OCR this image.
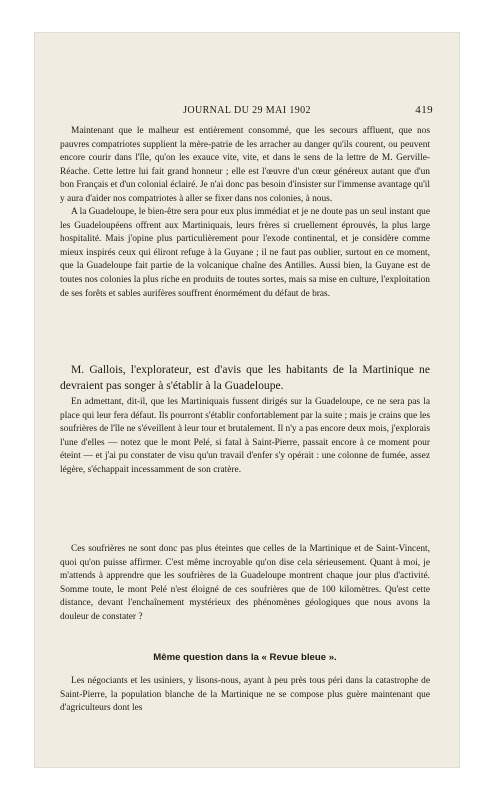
JOURNAL DU 29 MAI 1902	419

Maintenant que le malheur est entièrement consommé, que les secours affluent, que nos pauvres compatriotes supplient la mère-patrie de les arracher au danger qu'ils courent, ou peuvent encore courir dans l'île, qu'on les exauce vite, vite, et dans le sens de la lettre de M. Gerville-Réache. Cette lettre lui fait grand honneur ; elle est l'œuvre d'un cœur généreux autant que d'un bon Français et d'un colonial éclairé. Je n'ai donc pas besoin d'insister sur l'immense avantage qu'il y aura d'aider nos compatriotes à aller se fixer dans nos colonies, à nous.

A la Guadeloupe, le bien-être sera pour eux plus immédiat et je ne doute pas un seul instant que les Guadeloupéens offrent aux Martiniquais, leurs frères si cruellement éprouvés, la plus large hospitalité. Mais j'opine plus particulièrement pour l'exode continental, et je considère comme mieux inspirés ceux qui éliront refuge à la Guyane ; il ne faut pas oublier, surtout en ce moment, que la Guadeloupe fait partie de la volcanique chaîne des Antilles. Aussi bien, la Guyane est de toutes nos colonies la plus riche en produits de toutes sortes, mais sa mise en culture, l'exploitation de ses forêts et sables aurifères souffrent énormément du défaut de bras.

M. Gallois, l'explorateur, est d'avis que les habitants de la Martinique ne devraient pas songer à s'établir à la Guadeloupe.

En admettant, dit-il, que les Martiniquais fussent dirigés sur la Guadeloupe, ce ne sera pas la place qui leur fera défaut. Ils pourront s'établir confortablement par la suite ; mais je crains que les soufrières de l'île ne s'éveillent à leur tour et brutalement. Il n'y a pas encore deux mois, j'explorais l'une d'elles — notez que le mont Pelé, si fatal à Saint-Pierre, passait encore à ce moment pour éteint — et j'ai pu constater de visu qu'un travail d'enfer s'y opérait : une colonne de fumée, assez légère, s'échappait incessamment de son cratère.

Ces soufrières ne sont donc pas plus éteintes que celles de la Martinique et de Saint-Vincent, quoi qu'on puisse affirmer. C'est même incroyable qu'on dise cela sérieusement. Quant à moi, je m'attends à apprendre que les soufrières de la Guadeloupe montrent chaque jour plus d'activité. Somme toute, le mont Pelé n'est éloigné de ces soufrières que de 100 kilomètres. Qu'est cette distance, devant l'enchaînement mystérieux des phénomènes géologiques que nous avons la douleur de constater ?

Même question dans la « Revue bleue ».

Les négociants et les usiniers, y lisons-nous, ayant à peu près tous péri dans la catastrophe de Saint-Pierre, la population blanche de la Martinique ne se compose plus guère maintenant que d'agriculteurs dont les
